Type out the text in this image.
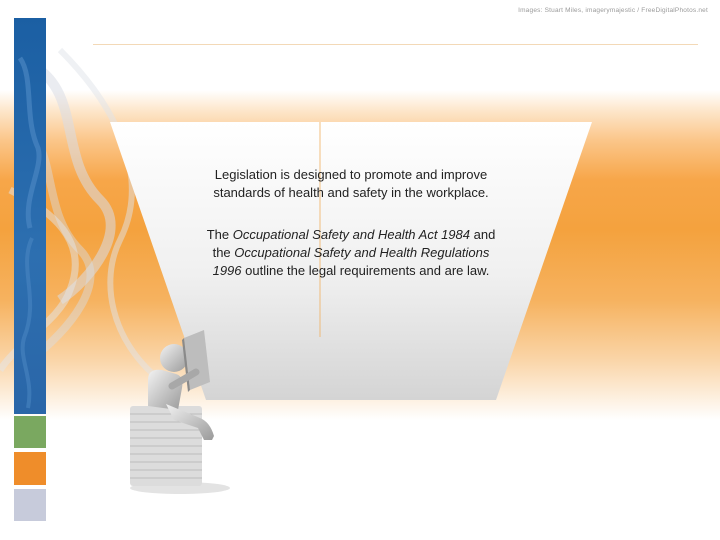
Images: Stuart Miles, imagerymajestic / FreeDigitalPhotos.net
Induction Health and Safety

Legislation is designed to promote and improve standards of health and safety in the workplace.

The Occupational Safety and Health Act 1984 and the Occupational Safety and Health Regulations 1996 outline the legal requirements and are law.
